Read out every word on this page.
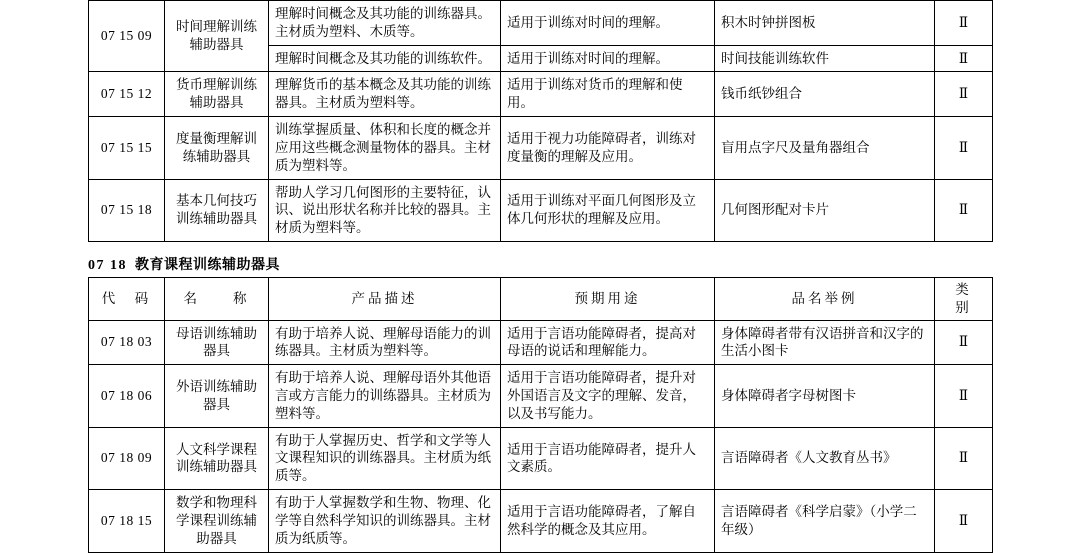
07 15 09	时间理解训练辅助器具	理解时间概念及其功能的训练器具。主材质为塑料、木质等。	适用于训练对时间的理解。	积木时钟拼图板	Ⅱ
		理解时间概念及其功能的训练软件。	适用于训练对时间的理解。	时间技能训练软件	Ⅱ
07 15 12	货币理解训练辅助器具	理解货币的基本概念及其功能的训练器具。主材质为塑料等。	适用于训练对货币的理解和使用。	钱币纸钞组合	Ⅱ
07 15 15	度量衡理解训练辅助器具	训练掌握质量、体积和长度的概念并应用这些概念测量物体的器具。主材质为塑料等。	适用于视力功能障碍者，训练对度量衡的理解及应用。	盲用点字尺及量角器组合	Ⅱ
07 15 18	基本几何技巧训练辅助器具	帮助人学习几何图形的主要特征，认识、说出形状名称并比较的器具。主材质为塑料等。	适用于训练对平面几何图形及立体几何形状的理解及应用。	几何图形配对卡片	Ⅱ
07 18 教育课程训练辅助器具
代　码	名　　称	产品描述	预期用途	品名举例	类　别
07 18 03	母语训练辅助器具	有助于培养人说、理解母语能力的训练器具。主材质为塑料等。	适用于言语功能障碍者，提高对母语的说话和理解能力。	身体障碍者带有汉语拼音和汉字的生活小图卡	Ⅱ
07 18 06	外语训练辅助器具	有助于培养人说、理解母语外其他语言或方言能力的训练器具。主材质为塑料等。	适用于言语功能障碍者，提升对外国语言及文字的理解、发音，以及书写能力。	身体障碍者字母树图卡	Ⅱ
07 18 09	人文科学课程训练辅助器具	有助于人掌握历史、哲学和文学等人文课程知识的训练器具。主材质为纸质等。	适用于言语功能障碍者，提升人文素质。	言语障碍者《人文教育丛书》	Ⅱ
07 18 15	数学和物理科学课程训练辅助器具	有助于人掌握数学和生物、物理、化学等自然科学知识的训练器具。主材质为纸质等。	适用于言语功能障碍者，了解自然科学的概念及其应用。	言语障碍者《科学启蒙》（小学二年级）	Ⅱ
